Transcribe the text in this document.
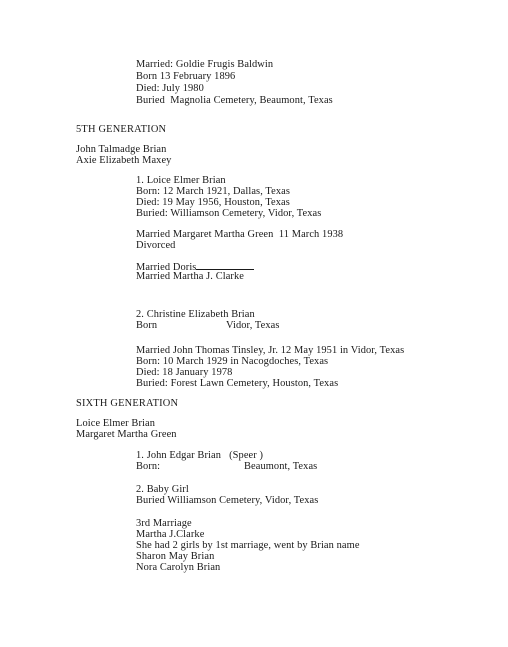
Married: Goldie Frugis Baldwin
Born 13 February 1896
Died: July 1980
Buried  Magnolia Cemetery, Beaumont, Texas
5TH GENERATION
John Talmadge Brian
Axie Elizabeth Maxey
1. Loice Elmer Brian
Born: 12 March 1921, Dallas, Texas
Died: 19 May 1956, Houston, Texas
Buried: Williamson Cemetery, Vidor, Texas
Married Margaret Martha Green  11 March 1938
Divorced
Married Doris
Married Martha J. Clarke
2. Christine Elizabeth Brian
Born	Vidor, Texas
Married John Thomas Tinsley, Jr. 12 May 1951 in Vidor, Texas
Born: 10 March 1929 in Nacogdoches, Texas
Died: 18 January 1978
Buried: Forest Lawn Cemetery, Houston, Texas
SIXTH GENERATION
Loice Elmer Brian
Margaret Martha Green
1. John Edgar Brian   (Speer )
Born:	Beaumont, Texas
2. Baby Girl
Buried Williamson Cemetery, Vidor, Texas
3rd Marriage
Martha J.Clarke
She had 2 girls by 1st marriage, went by Brian name
Sharon May Brian
Nora Carolyn Brian
